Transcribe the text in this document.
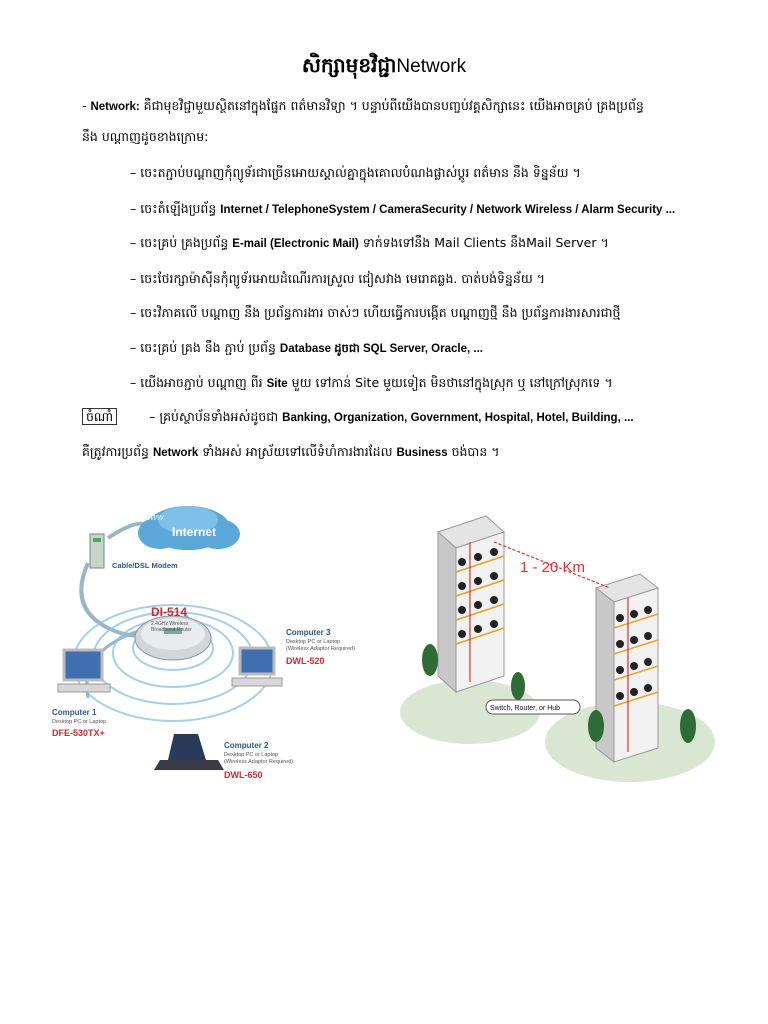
សិក្សាមុខវិជ្ជាNetwork
- Network: គឺជាមុខវិជ្ជាមួយស្ថិតនៅក្នុងផ្នែក ពត៌មានវិទ្យា ។ បន្ទាប់ពីយើងបានបញ្ចប់វគ្គសិក្សានេះ យើងអាចគ្រប់ គ្រងប្រព័ន្ធ
នឹង បណ្តាញដូចខាងក្រោម:
– ចេះតភ្ជាប់បណ្តាញកុំព្យូទ័រជាច្រើនអោយស្គាល់គ្នាក្នុងគោលបំណងផ្លាស់ប្តូរ ពត៌មាន នឹង ទិន្នន័យ ។
– ចេះតំឡើងប្រព័ន្ធ Internet / TelephoneSystem / CameraSecurity / Network Wireless / Alarm Security ...
– ចេះគ្រប់ គ្រងប្រព័ន្ធ E-mail (Electronic Mail) ទាក់ទងទៅនឹង Mail Clients នឹងMail Server ។
– ចេះថែរក្សាម៉ាស៊ីនកុំព្យូទ័រអោយដំណើរការស្រួល ជៀសវាង មេរោគឆ្លង. បាត់បង់ទិន្នន័យ ។
– ចេះវិភាគលើ បណ្តាញ នឹង ប្រព័ន្ធការងារ ចាស់ៗ ហើយធ្វើការបង្កើត បណ្តាញថ្មី នឹង ប្រព័ន្ធការងារសារជាថ្មី
– ចេះគ្រប់ គ្រង នឹង ភ្ជាប់ ប្រព័ន្ធ Database ដូចជា SQL Server, Oracle, ...
– យើងអាចភ្ជាប់ បណ្តាញ ពីរ Site មួយ ទៅកាន់ Site មួយទៀត មិនថានៅក្នុងស្រុក ឬ នៅក្រៅស្រុកទេ ។
ចំណាំ	– គ្រប់ស្ថាប័នទាំងអស់ដូចជា Banking, Organization, Government, Hospital, Hotel, Building, ...
គឺត្រូវការប្រព័ន្ធ Network ទាំងអស់ អាស្រ័យទៅលើទំហំការងារដែល Business ចង់បាន ។
www
Internet
Cable/DSL Modem
DI-514
2.4GHz Wireless
Broadband Router
Computer 1
Desktop PC or Laptop
DFE-530TX+
Computer 3
Desktop PC or Laptop
(Wireless Adaptor Required)
DWL-520
Computer 2
Desktop PC or Laptop
(Wireless Adaptor Required)
DWL-650
1 - 20 Km
Switch, Router, or Hub
